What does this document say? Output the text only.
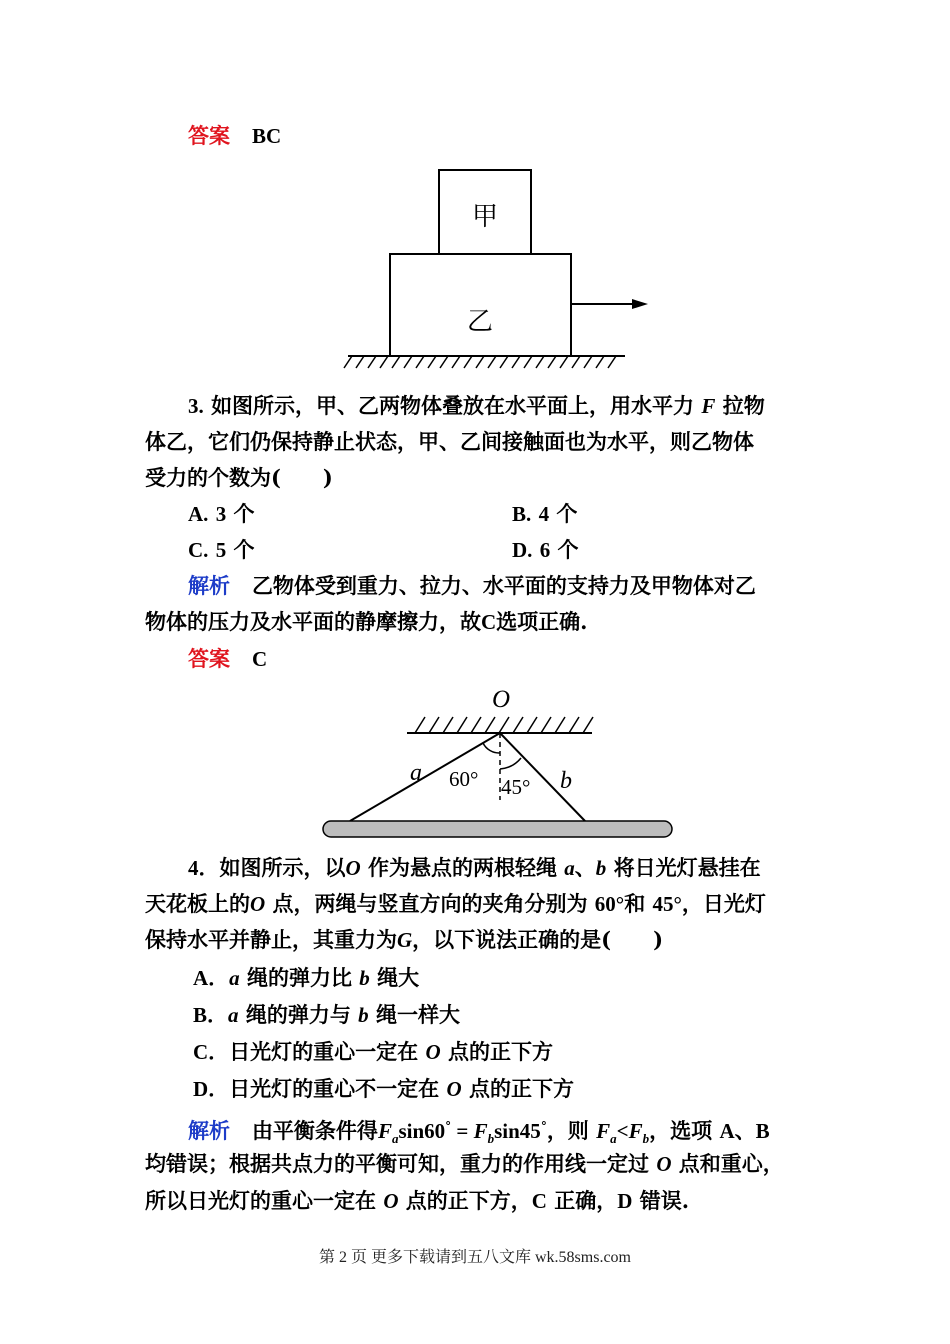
答案 BC
甲
乙
3. 如图所示，甲、乙两物体叠放在水平面上，用水平力 F 拉物
体乙，它们仍保持静止状态，甲、乙间接触面也为水平，则乙物体
受力的个数为(　　)
A. 3 个	B. 4 个
C. 5 个	D. 6 个
解析 乙物体受到重力、拉力、水平面的支持力及甲物体对乙
物体的压力及水平面的静摩擦力，故C选项正确.
答案 C
O
a	b
60° 45°
4．如图所示，以O 作为悬点的两根轻绳 a、b 将日光灯悬挂在
天花板上的O 点，两绳与竖直方向的夹角分别为 60°和 45°，日光灯
保持水平并静止，其重力为G，以下说法正确的是(　　)
A．a 绳的弹力比 b 绳大
B．a 绳的弹力与 b 绳一样大
C．日光灯的重心一定在 O 点的正下方
D．日光灯的重心不一定在 O 点的正下方
解析 由平衡条件得$F_a\sin 60^\circ = F_b\sin 45^\circ$，则 $F_a<F_b$，选项 A、B
均错误；根据共点力的平衡可知，重力的作用线一定过 O 点和重心，
所以日光灯的重心一定在 O 点的正下方，C 正确，D 错误.
第 2 页 更多下载请到五八文库 wk.58sms.com
